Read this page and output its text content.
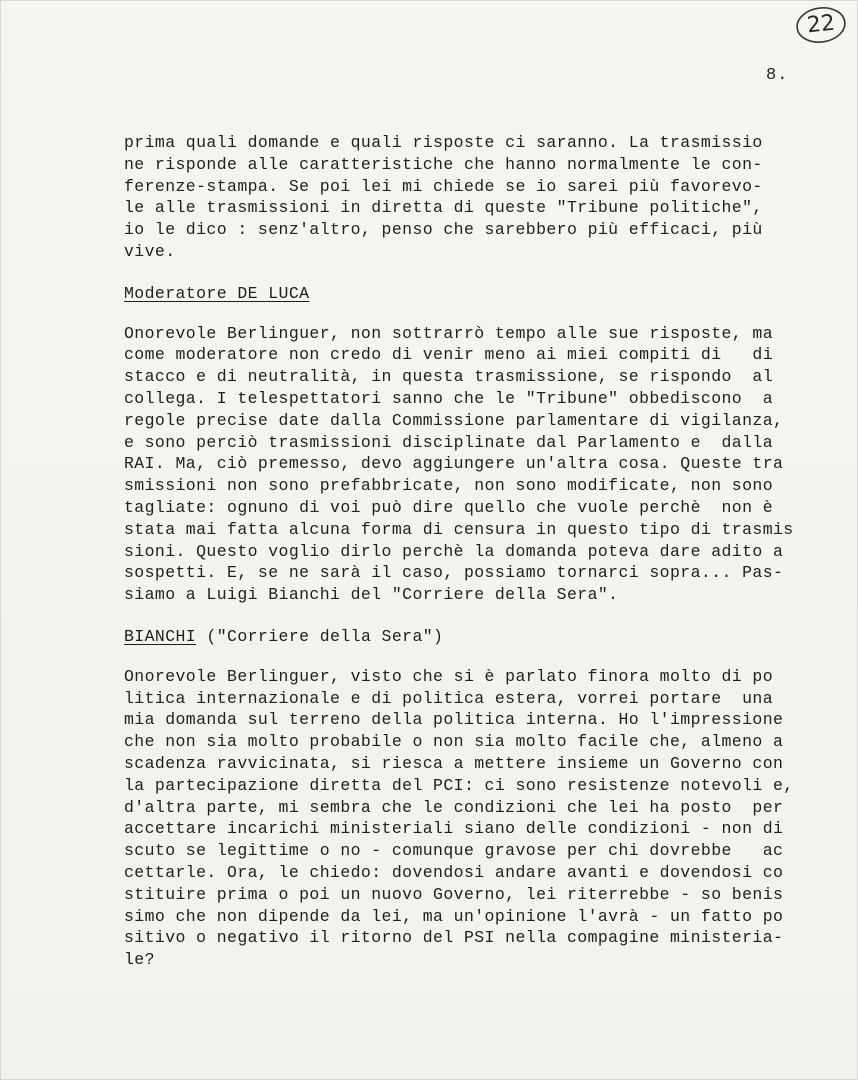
22
8.
prima quali domande e quali risposte ci saranno. La trasmissio
ne risponde alle caratteristiche che hanno normalmente le con-
ferenze-stampa. Se poi lei mi chiede se io sarei più favorevo-
le alle trasmissioni in diretta di queste "Tribune politiche",
io le dico : senz'altro, penso che sarebbero più efficaci, più
vive.
Moderatore DE LUCA
Onorevole Berlinguer, non sottrarrò tempo alle sue risposte, ma
come moderatore non credo di venir meno ai miei compiti di   di
stacco e di neutralità, in questa trasmissione, se rispondo  al
collega. I telespettatori sanno che le "Tribune" obbediscono  a
regole precise date dalla Commissione parlamentare di vigilanza,
e sono perciò trasmissioni disciplinate dal Parlamento e  dalla
RAI. Ma, ciò premesso, devo aggiungere un'altra cosa. Queste tra
smissioni non sono prefabbricate, non sono modificate, non sono
tagliate: ognuno di voi può dire quello che vuole perchè  non è
stata mai fatta alcuna forma di censura in questo tipo di trasmis
sioni. Questo voglio dirlo perchè la domanda poteva dare adito a
sospetti. E, se ne sarà il caso, possiamo tornarci sopra... Pas-
siamo a Luigi Bianchi del "Corriere della Sera".
BIANCHI ("Corriere della Sera")
Onorevole Berlinguer, visto che si è parlato finora molto di po
litica internazionale e di politica estera, vorrei portare  una
mia domanda sul terreno della politica interna. Ho l'impressione
che non sia molto probabile o non sia molto facile che, almeno a
scadenza ravvicinata, si riesca a mettere insieme un Governo con
la partecipazione diretta del PCI: ci sono resistenze notevoli e,
d'altra parte, mi sembra che le condizioni che lei ha posto  per
accettare incarichi ministeriali siano delle condizioni - non di
scuto se legittime o no - comunque gravose per chi dovrebbe   ac
cettarle. Ora, le chiedo: dovendosi andare avanti e dovendosi co
stituire prima o poi un nuovo Governo, lei riterrebbe - so benis
simo che non dipende da lei, ma un'opinione l'avrà - un fatto po
sitivo o negativo il ritorno del PSI nella compagine ministeria-
le?
